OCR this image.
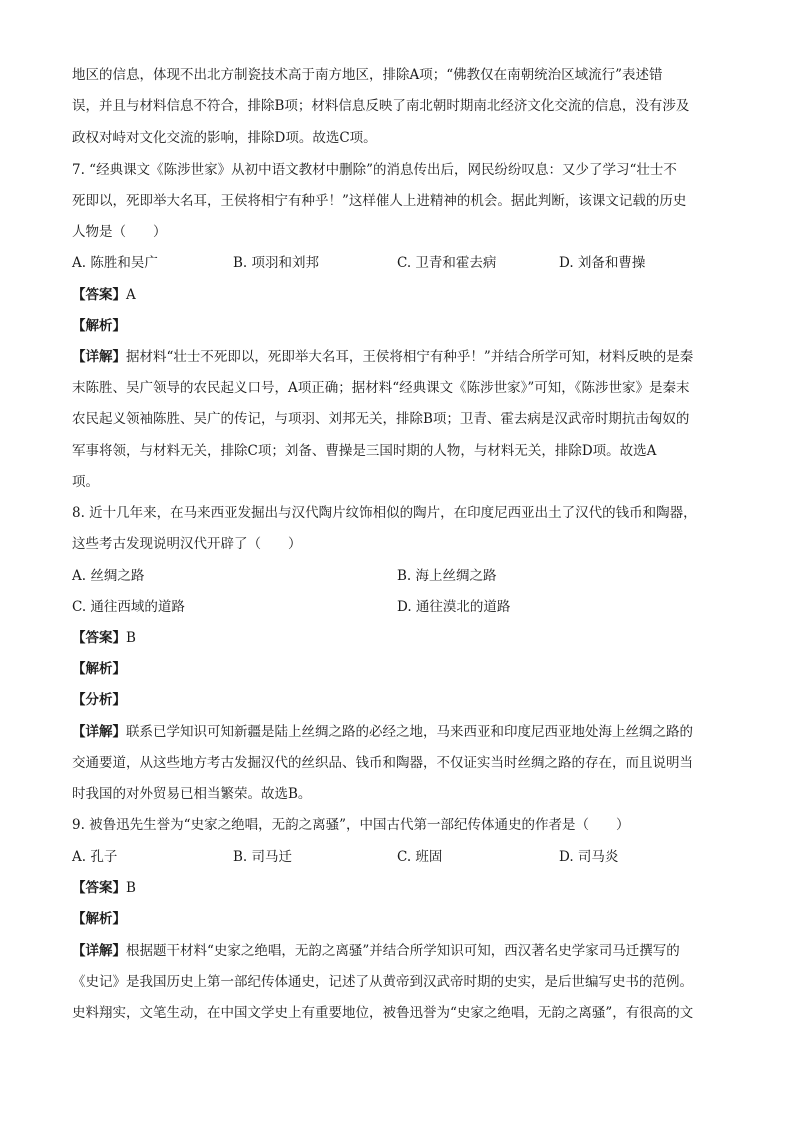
地区的信息，体现不出北方制瓷技术高于南方地区，排除A项；“佛教仅在南朝统治区域流行”表述错
误，并且与材料信息不符合，排除B项；材料信息反映了南北朝时期南北经济文化交流的信息，没有涉及
政权对峙对文化交流的影响，排除D项。故选C项。
7. “经典课文《陈涉世家》从初中语文教材中删除”的消息传出后，网民纷纷叹息：又少了学习“壮士不
死即以，死即举大名耳，王侯将相宁有种乎！”这样催人上进精神的机会。据此判断，该课文记载的历史
人物是（　　）
A. 陈胜和吴广	B. 项羽和刘邦	C. 卫青和霍去病	D. 刘备和曹操
【答案】A
【解析】
【详解】据材料“壮士不死即以，死即举大名耳，王侯将相宁有种乎！”并结合所学可知，材料反映的是秦
末陈胜、吴广领导的农民起义口号，A项正确；据材料“经典课文《陈涉世家》”可知，《陈涉世家》是秦末
农民起义领袖陈胜、吴广的传记，与项羽、刘邦无关，排除B项；卫青、霍去病是汉武帝时期抗击匈奴的
军事将领，与材料无关，排除C项；刘备、曹操是三国时期的人物，与材料无关，排除D项。故选A
项。
8. 近十几年来，在马来西亚发掘出与汉代陶片纹饰相似的陶片，在印度尼西亚出土了汉代的钱币和陶器，
这些考古发现说明汉代开辟了（　　）
A. 丝绸之路	B. 海上丝绸之路
C. 通往西域的道路	D. 通往漠北的道路
【答案】B
【解析】
【分析】
【详解】联系已学知识可知新疆是陆上丝绸之路的必经之地，马来西亚和印度尼西亚地处海上丝绸之路的
交通要道，从这些地方考古发掘汉代的丝织品、钱币和陶器，不仅证实当时丝绸之路的存在，而且说明当
时我国的对外贸易已相当繁荣。故选B。
9. 被鲁迅先生誉为“史家之绝唱，无韵之离骚”，中国古代第一部纪传体通史的作者是（　　）
A. 孔子	B. 司马迁	C. 班固	D. 司马炎
【答案】B
【解析】
【详解】根据题干材料“史家之绝唱，无韵之离骚”并结合所学知识可知，西汉著名史学家司马迁撰写的
《史记》是我国历史上第一部纪传体通史，记述了从黄帝到汉武帝时期的史实，是后世编写史书的范例。
史料翔实，文笔生动，在中国文学史上有重要地位，被鲁迅誉为“史家之绝唱，无韵之离骚”，有很高的文
